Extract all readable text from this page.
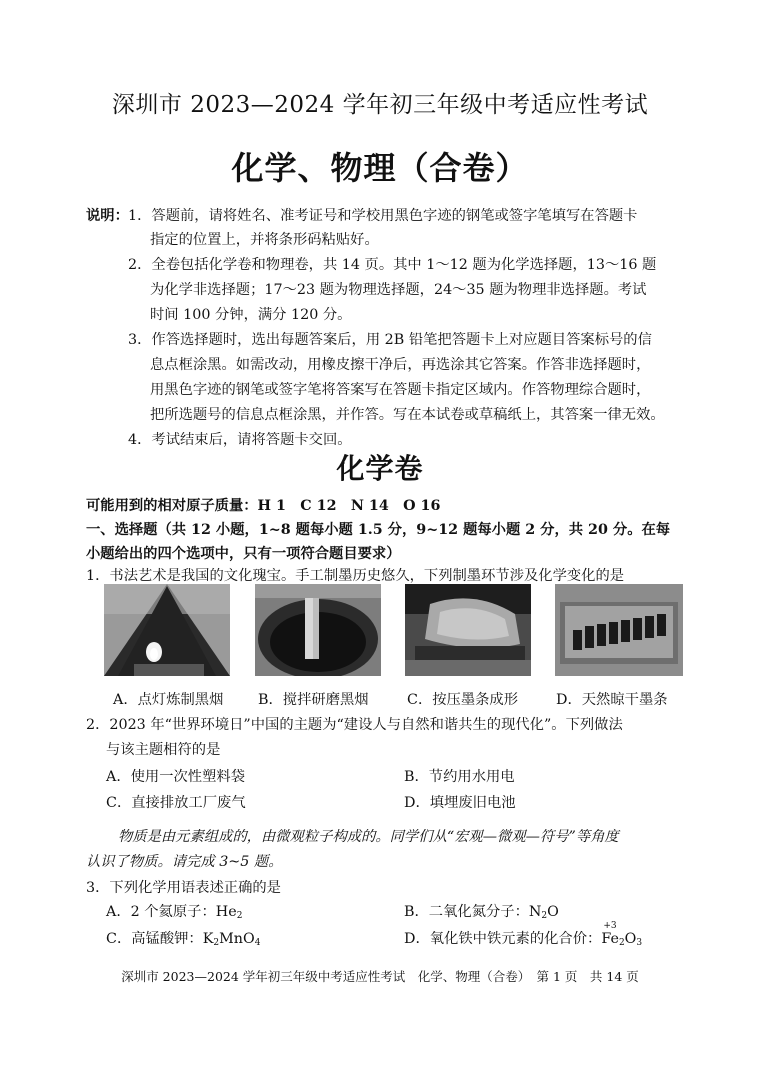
深圳市 2023—2024 学年初三年级中考适应性考试
化学、物理（合卷）
说明： 1．答题前，请将姓名、准考证号和学校用黑色字迹的钢笔或签字笔填写在答题卡
指定的位置上，并将条形码粘贴好。
2．全卷包括化学卷和物理卷，共 14 页。其中 1～12 题为化学选择题，13～16 题
为化学非选择题；17～23 题为物理选择题，24～35 题为物理非选择题。考试
时间 100 分钟，满分 120 分。
3．作答选择题时，选出每题答案后，用 2B 铅笔把答题卡上对应题目答案标号的信
息点框涂黑。如需改动，用橡皮擦干净后，再选涂其它答案。作答非选择题时，
用黑色字迹的钢笔或签字笔将答案写在答题卡指定区域内。作答物理综合题时，
把所选题号的信息点框涂黑，并作答。写在本试卷或草稿纸上，其答案一律无效。
4．考试结束后，请将答题卡交回。
化学卷
可能用到的相对原子质量：H 1　C 12　N 14　O 16
一、选择题（共 12 小题，1~8 题每小题 1.5 分，9~12 题每小题 2 分，共 20 分。在每
小题给出的四个选项中，只有一项符合题目要求）
1．书法艺术是我国的文化瑰宝。手工制墨历史悠久，下列制墨环节涉及化学变化的是
A．点灯炼制黑烟 B．搅拌研磨黑烟	C．按压墨条成形	D．天然晾干墨条
2．2023 年“世界环境日”中国的主题为“建设人与自然和谐共生的现代化”。下列做法
与该主题相符的是
A．使用一次性塑料袋	B．节约用水用电
C．直接排放工厂废气	D．填埋废旧电池
物质是由元素组成的，由微观粒子构成的。同学们从“宏观—微观—符号”等角度
认识了物质。请完成 3~5 题。
3．下列化学用语表述正确的是
A．2 个氦原子：$He_2$	B．二氧化氮分子：$N_2O$
C．高锰酸钾：$K_2MnO_4$	D．氧化铁中铁元素的化合价：
+3
$Fe_2O_3$
深圳市 2023—2024 学年初三年级中考适应性考试　化学、物理（合卷）　第 1 页　共 14 页
